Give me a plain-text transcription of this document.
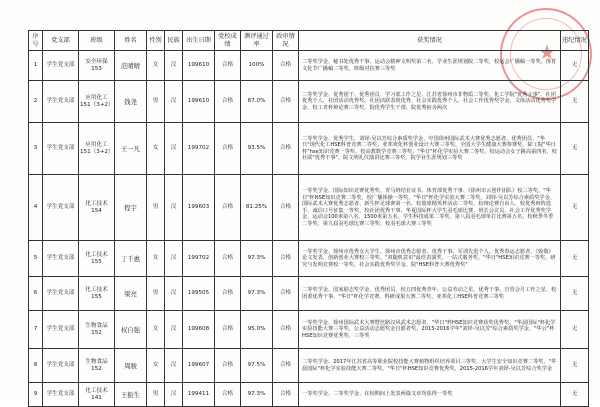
★
序号	党支部	班级	姓名	性别	民族	出生日期	党校成绩	测评通过率	政审情况	获奖情况	违纪情况
1	学生党支部	安全环保153	范晴晴	女	汉	199610	合格	100%	合格	二等奖学金、秘书处优秀干事、运动会精神文明奖第二名、学业生涯规划院二等奖、校运会广播稿一等奖、体育文化节广播稿二等奖、班级对抗赛三等奖	无
2	学生党支部	应用化工151（3+2）	钱尧	男	汉	199610	合格	87.0%	合格	二等奖学金、优秀团干、优秀团员、学习部工作之星、江苏省徐州市非物质二等奖、化工学院"优秀十事"、社团优秀个人、社团活动优秀奖、社团活跃表现优秀、社会实践优秀个人、社会工作优秀奖学金、文体活动优秀奖学金、校工青杯辩论赛三等奖、院优秀学生干部、院优秀宿舍两次	无
3	学生党支部	应用化工151（3+2）	王一凡	女	汉	199702	合格	93.5%	合格	二等奖学金、优秀学生、刘铎-吴以芳综合素质奖学金、中国徐州国际武术大赛优秀志愿者、优秀团员、"华日"现代化工HSE科普竞赛二等奖、亚邦欢化杯创业设计大赛三等奖、全国大学生健康大赛参赛奖、除工院"华日杯"hse知识竞赛一等奖、校高教数学竞赛三等奖、"华日"杯化学实验大赛二等奖、校运动会女子跳高第四名、校社联"优秀干事"、院文明礼仪演讲比赛三等奖、院学业生涯规划三等奖	无
4	学生党支部	化工技术154	程宇	男	汉	199603	合格	81.25%	合格	一等奖学金、国际知识竞赛优秀奖、青马班结业证书、体育部优秀干事、《徐州市云创作团队》校三等奖、"华日"杯HSE知识竞赛二等奖、校广播体操一等奖、"华日"杯化学实验大赛二等奖、刘铎-吴以芳综合素质奖学金、国际武术大赛优秀志愿者、新生杯足球赛第一名、校篮球精英杯活动二等奖、校辩论赛自由人、校优秀辩阵选手、诚信口号征集一等奖、校社团优秀干事、华夏国际杯大学生羽毛球比赛、班长会议员、社会工作优秀奖学金、运动会100米第八名、1500米第五名、学生科技成果二等奖、第八届羽毛球单打比赛第五名、校秋季冬季二等奖、第九届羽毛球比赛三等奖、校羽毛球大赛三等奖	无
5	学生党支部	化工技术155	丁千惠	女	汉	199702	合格	97.3%	合格	一等奖学金、徐州市优秀女大学生、徐州市优秀志愿者、优秀干事、军训先进个人、优秀春运志愿者、《致敬》论文发表、创新创业大赛校三等奖、"双随机意识"最佳表演奖、一站式服务奖、"华日"HSE知识竞赛一等奖、研究与发明竞赛校一等奖、社会实践优秀奖学金、院"HSE科普大赛优秀奖"	无
6	学生党支部	化工技术155	梁亮	男	汉	199505	合格	97.3%	合格	二等奖学金、国家励志奖学金、优秀团员、校五四优秀青年、公益劳动之星、优秀干事、自管会月工作之星、校团委优秀干事、"华日"杯化学竞赛、科研成果大赛二等奖、亚邦化工HSE科普竞赛三等奖	无
7	学生党支部	生物食品152	权自强	女	汉	199608	合格	95.0%	合格	一等奖学金、徐州国际武术大赛暨丝路汉风武术志愿者、"华日"杯HSE知识竞赛获奖优秀奖、"华晨国际"杯化学实验技能大赛三等奖、公益活动志愿奖金自愿者奖、2015-2016学年"刘铎-吴以芳"综合素质奖学金、"华云"杯HSE知识竞赛优秀奖、三等奖	无
8	学生党支部	生物食品152	周骏	女	汉	199607	合格	97.5%	合格	二等奖学金、2017年江苏省高等职业院校技能大赛植物组织培养项目三等奖、大学生安全知识竞赛二等奖、"华晨国际"杯化学实验技能大赛二等奖、"华日"杯HSE知识竞赛优秀奖、2015-2016学年刘铎-吴以芳综合奖学金	无
9	学生党支部	化工技术141	王振生	男	汉	199411	合格	97.3%	合格	一等奖学金、二等奖学金、在校期间上发表两篇文章均获得一等奖	无
